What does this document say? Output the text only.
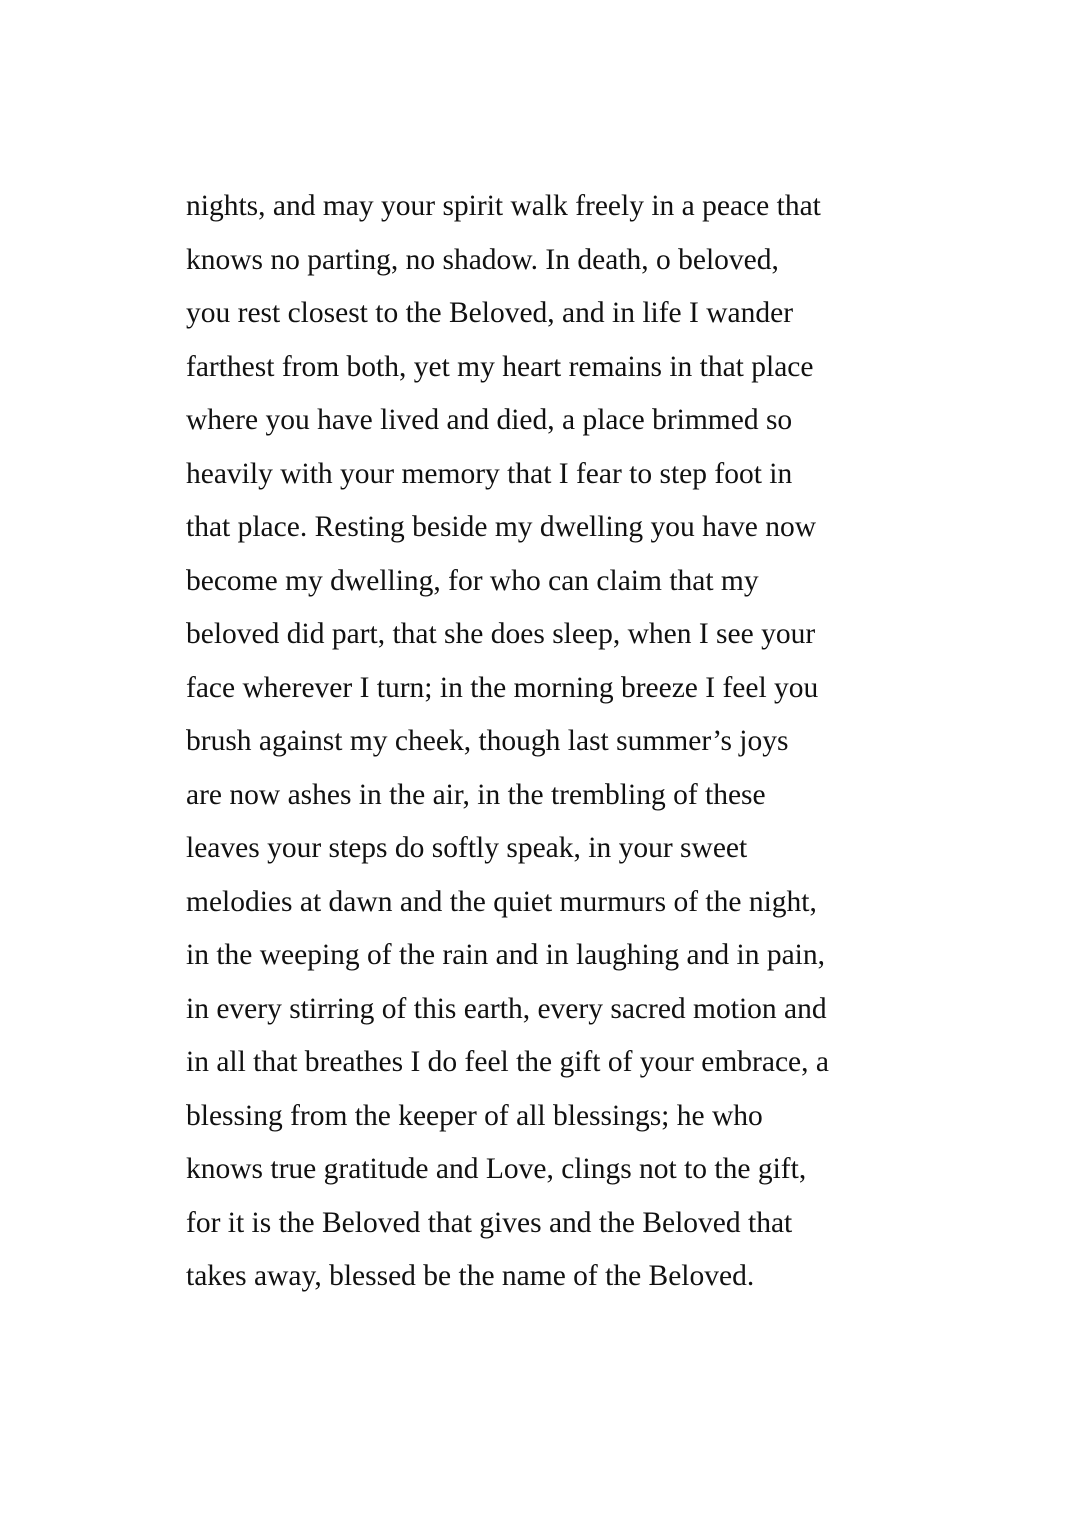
nights, and may your spirit walk freely in a peace that
knows no parting, no shadow. In death, o beloved,
you rest closest to the Beloved, and in life I wander
farthest from both, yet my heart remains in that place
where you have lived and died, a place brimmed so
heavily with your memory that I fear to step foot in
that place. Resting beside my dwelling you have now
become my dwelling, for who can claim that my
beloved did part, that she does sleep, when I see your
face wherever I turn; in the morning breeze I feel you
brush against my cheek, though last summer’s joys
are now ashes in the air, in the trembling of these
leaves your steps do softly speak, in your sweet
melodies at dawn and the quiet murmurs of the night,
in the weeping of the rain and in laughing and in pain,
in every stirring of this earth, every sacred motion and
in all that breathes I do feel the gift of your embrace, a
blessing from the keeper of all blessings; he who
knows true gratitude and Love, clings not to the gift,
for it is the Beloved that gives and the Beloved that
takes away, blessed be the name of the Beloved.
